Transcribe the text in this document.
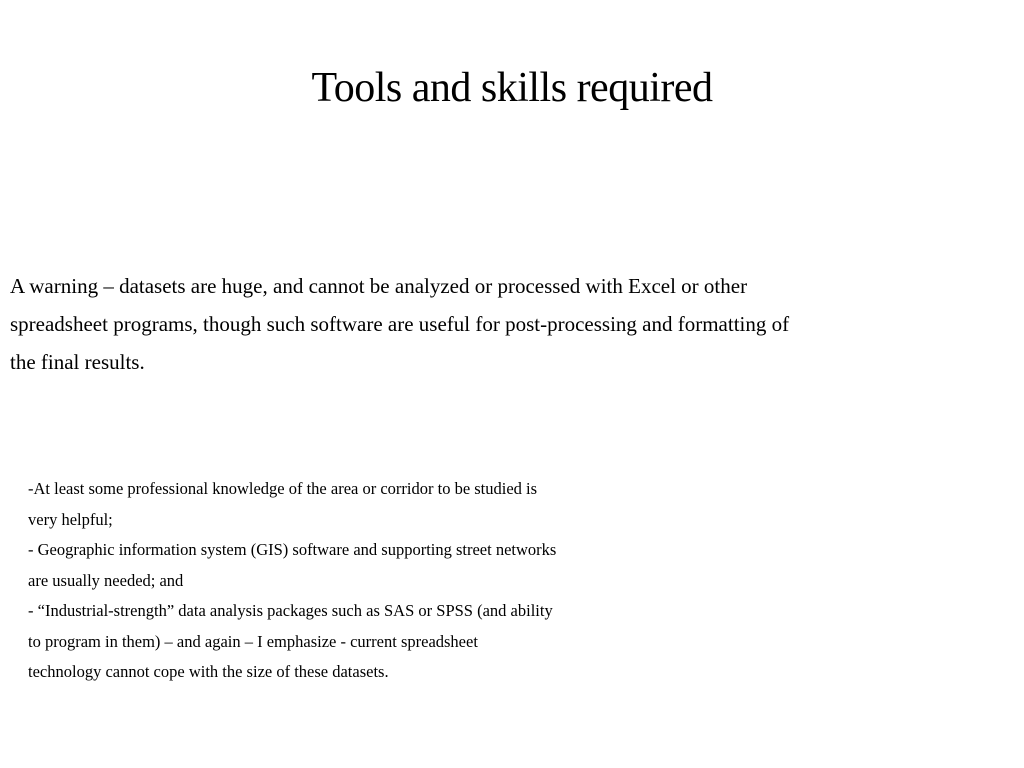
Tools and skills required

A warning – datasets are huge, and cannot be analyzed or processed with Excel or other
spreadsheet programs, though such software are useful for post-processing and formatting of
the final results.

-At least some professional knowledge of the area or corridor to be studied is
very helpful;
- Geographic information system (GIS) software and supporting street networks
are usually needed; and
- “Industrial-strength” data analysis packages such as SAS or SPSS (and ability
to program in them) – and again – I emphasize - current spreadsheet
technology cannot cope with the size of these datasets.
